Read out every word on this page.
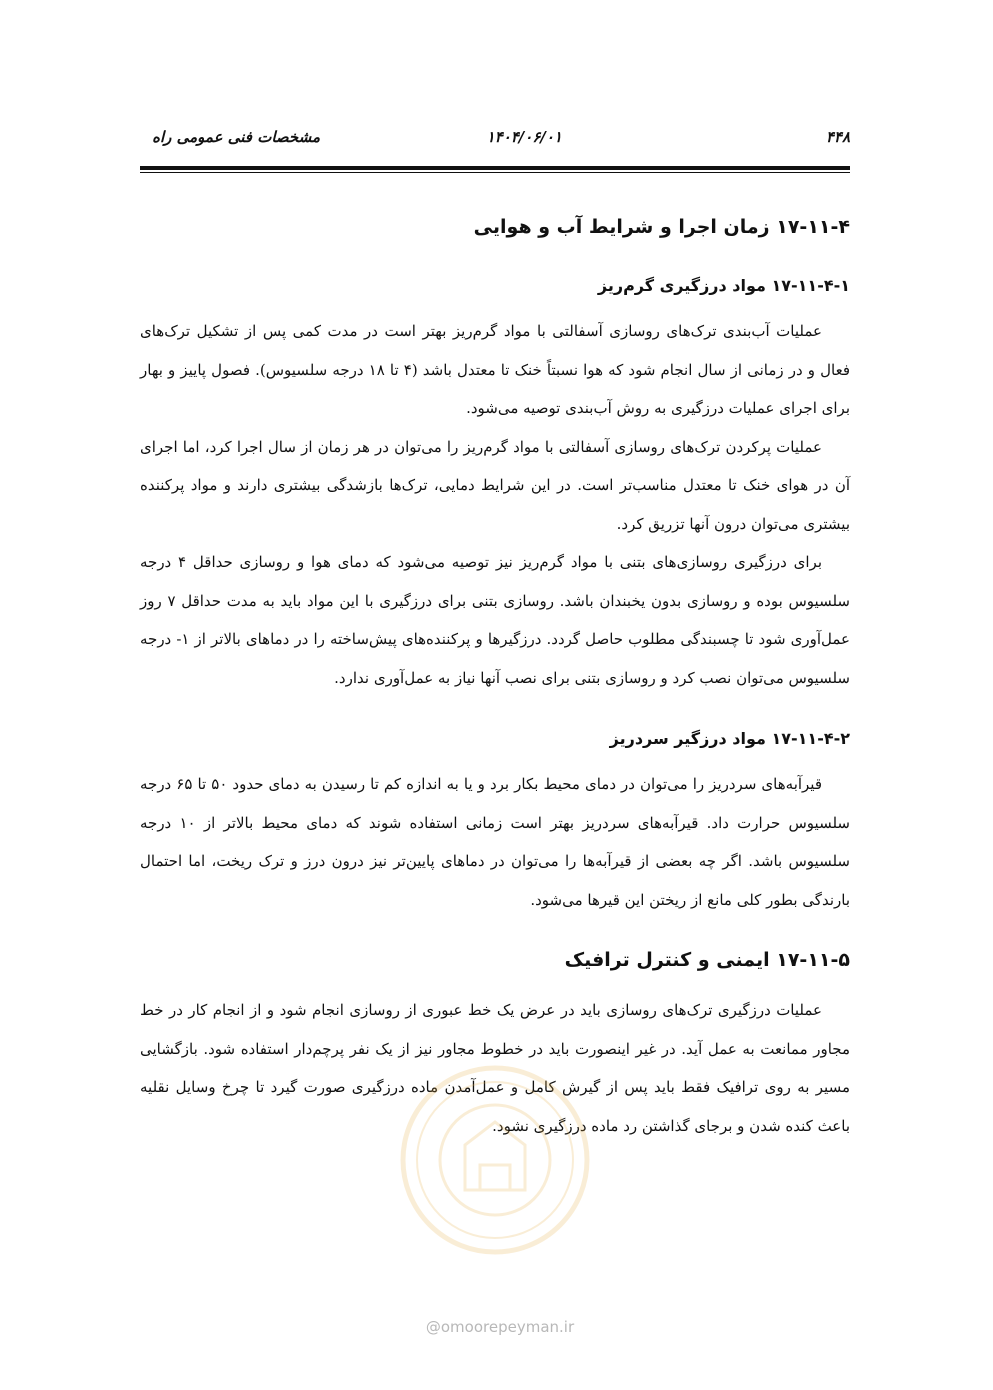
مشخصات فنی عمومی راه	۱۴۰۴/۰۶/۰۱	۴۴۸
۱۷-۱۱-۴ زمان اجرا و شرایط آب و هوایی
۱۷-۱۱-۴-۱ مواد درزگیری گرم‌ریز

عملیات آب‌بندی ترک‌های روسازی آسفالتی با مواد گرم‌ریز بهتر است در مدت کمی پس از تشکیل ترک‌های فعال و در زمانی از سال انجام شود که هوا نسبتاً خنک تا معتدل باشد (۴ تا ۱۸ درجه سلسیوس). فصول پاییز و بهار برای اجرای عملیات درزگیری به روش آب‌بندی توصیه می‌شود.

عملیات پرکردن ترک‌های روسازی آسفالتی با مواد گرم‌ریز را می‌توان در هر زمان از سال اجرا کرد، اما اجرای آن در هوای خنک تا معتدل مناسب‌تر است. در این شرایط دمایی، ترک‌ها بازشدگی بیشتری دارند و مواد پرکننده بیشتری می‌توان درون آنها تزریق کرد.

برای درزگیری روسازی‌های بتنی با مواد گرم‌ریز نیز توصیه می‌شود که دمای هوا و روسازی حداقل ۴ درجه سلسیوس بوده و روسازی بدون یخبندان باشد. روسازی بتنی برای درزگیری با این مواد باید به مدت حداقل ۷ روز عمل‌آوری شود تا چسبندگی مطلوب حاصل گردد. درزگیرها و پرکننده‌های پیش‌ساخته را در دماهای بالاتر از ۱- درجه سلسیوس می‌توان نصب کرد و روسازی بتنی برای نصب آنها نیاز به عمل‌آوری ندارد.

۱۷-۱۱-۴-۲ مواد درزگیر سردریز

قیرآبه‌های سردریز را می‌توان در دمای محیط بکار برد و یا به اندازه کم تا رسیدن به دمای حدود ۵۰ تا ۶۵ درجه سلسیوس حرارت داد. قیرآبه‌های سردریز بهتر است زمانی استفاده شوند که دمای محیط بالاتر از ۱۰ درجه سلسیوس باشد. اگر چه بعضی از قیرآبه‌ها را می‌توان در دماهای پایین‌تر نیز درون درز و ترک ریخت، اما احتمال بارندگی بطور کلی مانع از ریختن این قیرها می‌شود.

۱۷-۱۱-۵ ایمنی و کنترل ترافیک

عملیات درزگیری ترک‌های روسازی باید در عرض یک خط عبوری از روسازی انجام شود و از انجام کار در خط مجاور ممانعت به عمل آید. در غیر اینصورت باید در خطوط مجاور نیز از یک نفر پرچم‌دار استفاده شود. بازگشایی مسیر به روی ترافیک فقط باید پس از گیرش کامل و عمل‌آمدن ماده درزگیری صورت گیرد تا چرخ وسایل نقلیه باعث کنده شدن و برجای گذاشتن رد ماده درزگیری نشود.

@omoorepeyman.ir
